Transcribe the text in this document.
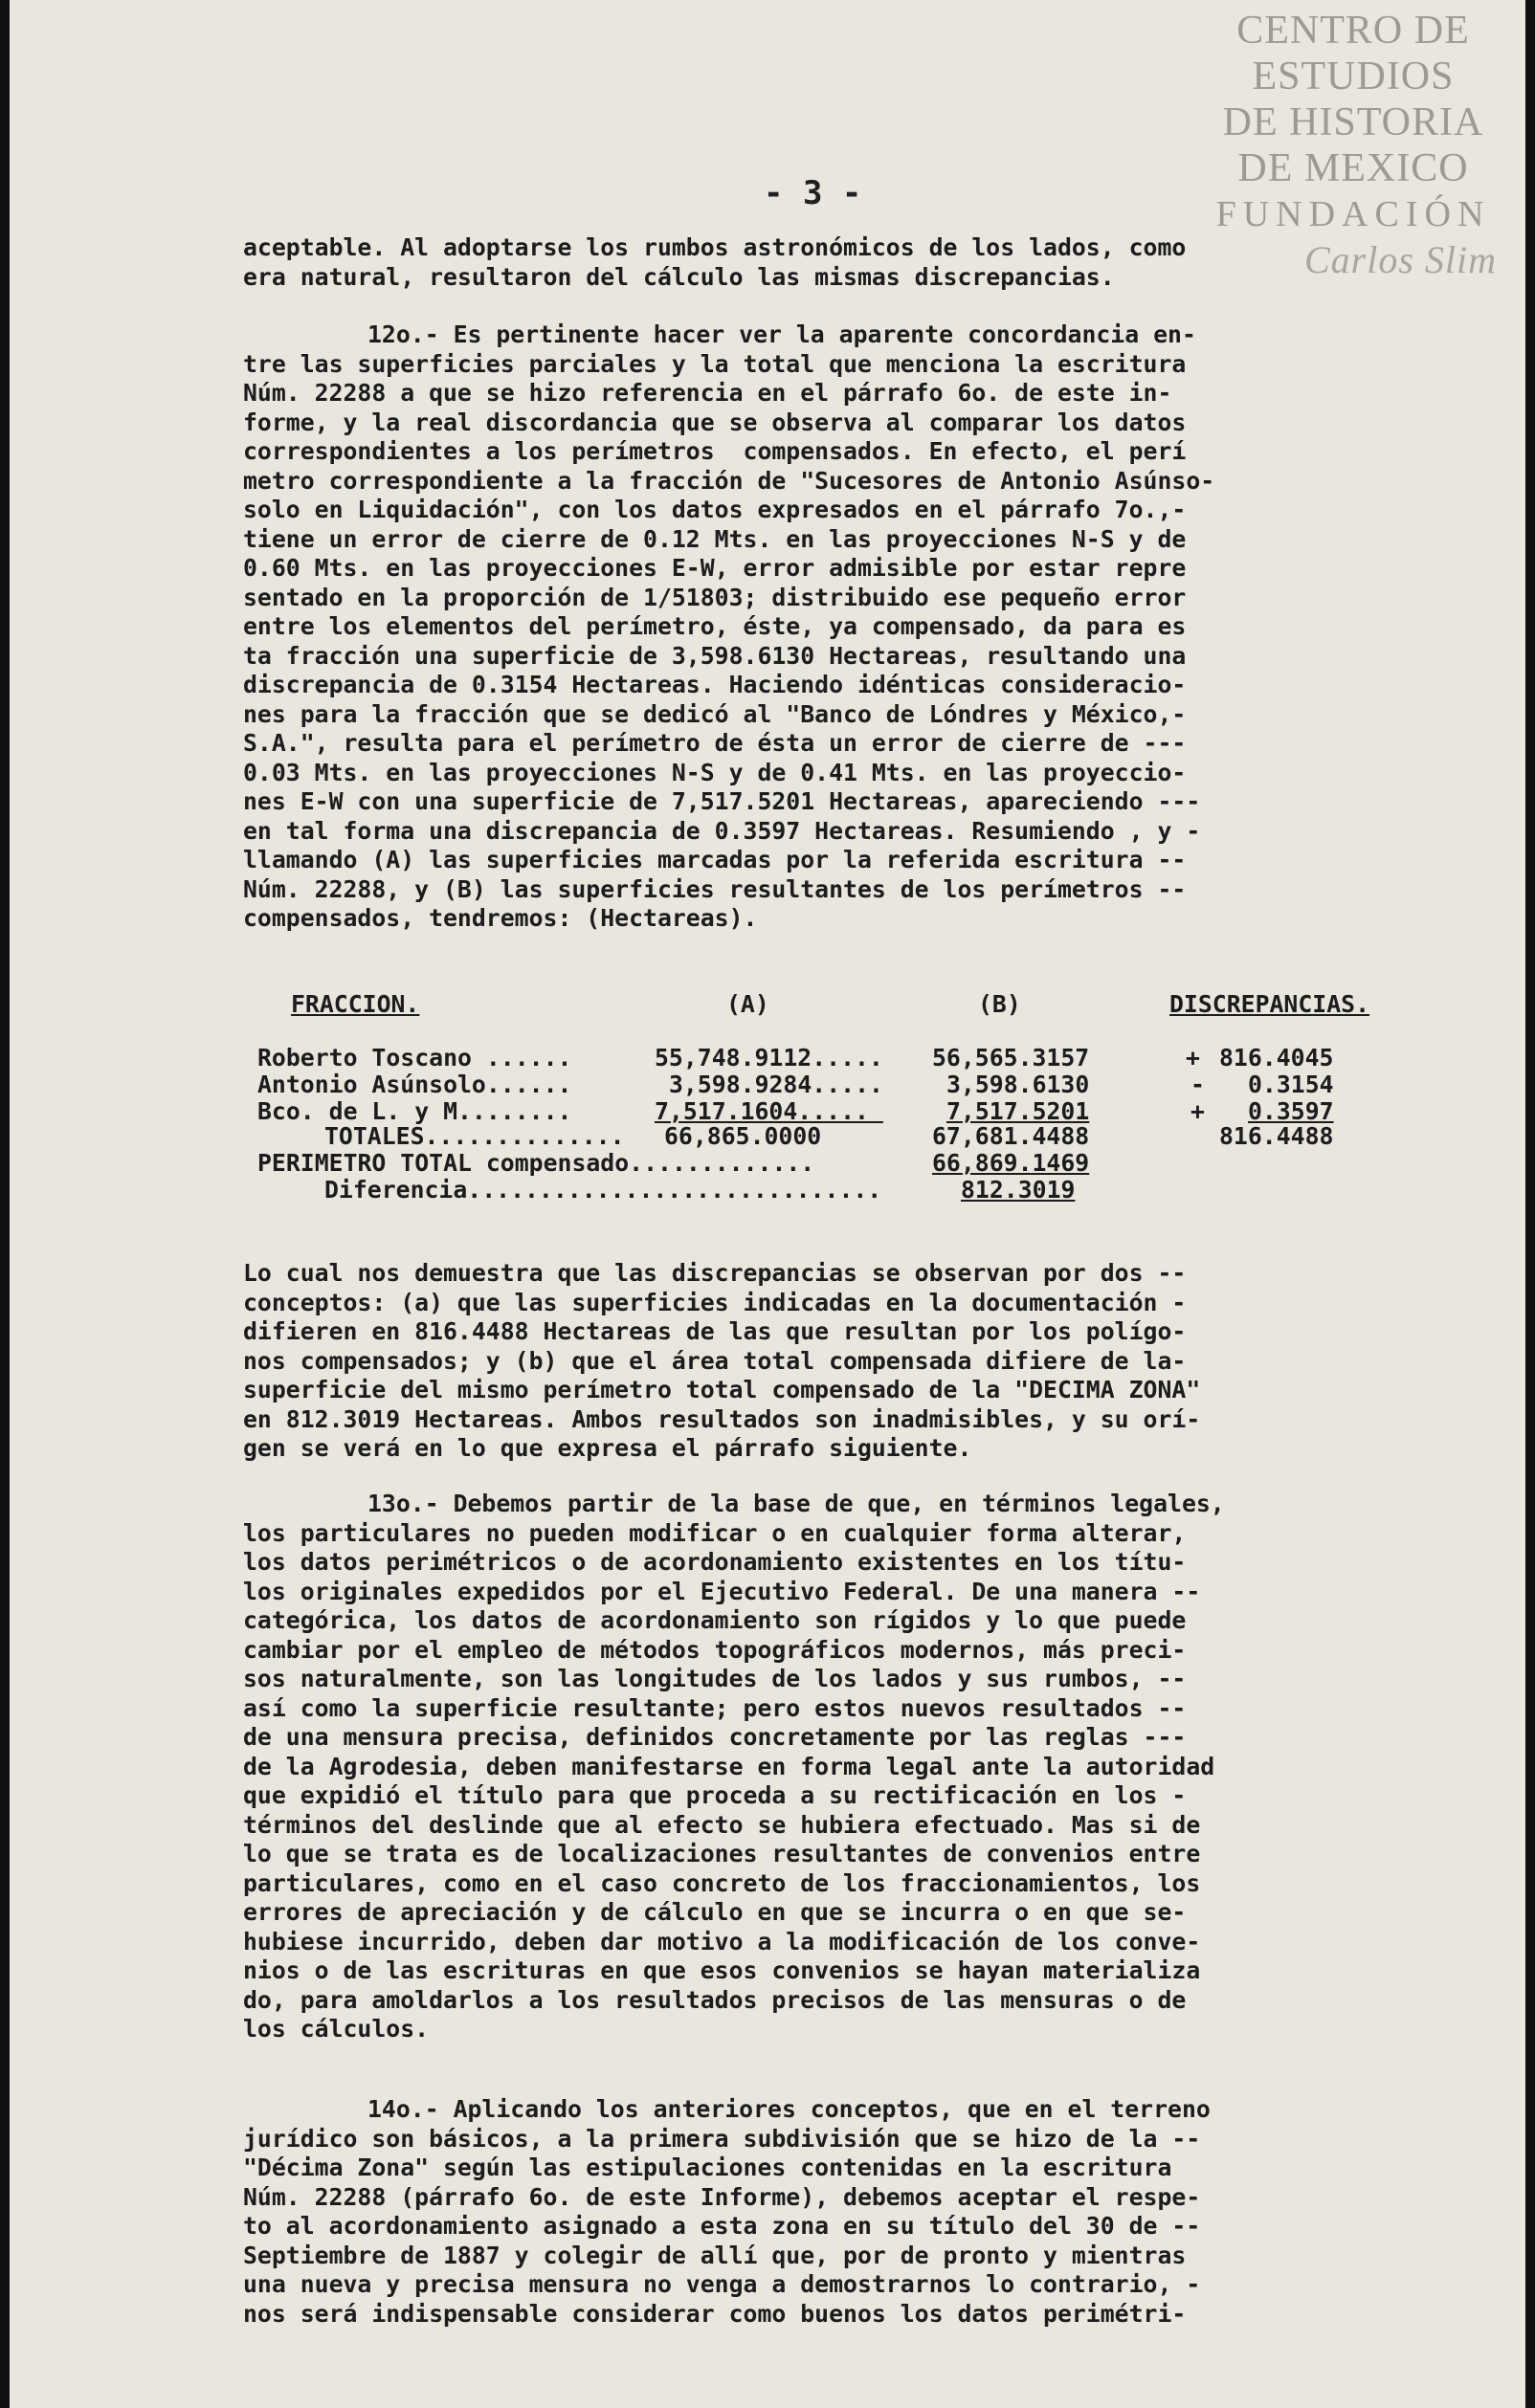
CENTRO DE
ESTUDIOS
DE HISTORIA
DE MEXICO
FUNDACIÓN
Carlos Slim
- 3 -
aceptable. Al adoptarse los rumbos astronómicos de los lados, como
era natural, resultaron del cálculo las mismas discrepancias.
12o.- Es pertinente hacer ver la aparente concordancia en-
tre las superficies parciales y la total que menciona la escritura
Núm. 22288 a que se hizo referencia en el párrafo 6o. de este in-
forme, y la real discordancia que se observa al comparar los datos
correspondientes a los perímetros  compensados. En efecto, el perí
metro correspondiente a la fracción de "Sucesores de Antonio Asúnso-
solo en Liquidación", con los datos expresados en el párrafo 7o.,-
tiene un error de cierre de 0.12 Mts. en las proyecciones N-S y de
0.60 Mts. en las proyecciones E-W, error admisible por estar repre
sentado en la proporción de 1/51803; distribuido ese pequeño error
entre los elementos del perímetro, éste, ya compensado, da para es
ta fracción una superficie de 3,598.6130 Hectareas, resultando una
discrepancia de 0.3154 Hectareas. Haciendo idénticas consideracio-
nes para la fracción que se dedicó al "Banco de Lóndres y México,-
S.A.", resulta para el perímetro de ésta un error de cierre de ---
0.03 Mts. en las proyecciones N-S y de 0.41 Mts. en las proyeccio-
nes E-W con una superficie de 7,517.5201 Hectareas, apareciendo ---
en tal forma una discrepancia de 0.3597 Hectareas. Resumiendo , y -
llamando (A) las superficies marcadas por la referida escritura --
Núm. 22288, y (B) las superficies resultantes de los perímetros --
compensados, tendremos: (Hectareas).
FRACCION.	(A)	(B)	DISCREPANCIAS.
Roberto Toscano ......	55,748.9112..... 56,565.3157	+ 816.4045
Antonio Asúnsolo......	3,598.9284..... 3,598.6130	- 0.3154
Bco. de L. y M........	7,517.1604.....	7,517.5201	+ 0.3597
TOTALES.............. 66,865.0000	67,681.4488	816.4488
PERIMETRO TOTAL compensado.............	66,869.1469
Diferencia.............................	812.3019
Lo cual nos demuestra que las discrepancias se observan por dos --
conceptos: (a) que las superficies indicadas en la documentación -
difieren en 816.4488 Hectareas de las que resultan por los polígo-
nos compensados; y (b) que el área total compensada difiere de la-
superficie del mismo perímetro total compensado de la "DECIMA ZONA"
en 812.3019 Hectareas. Ambos resultados son inadmisibles, y su orí-
gen se verá en lo que expresa el párrafo siguiente.
13o.- Debemos partir de la base de que, en términos legales,
los particulares no pueden modificar o en cualquier forma alterar,
los datos perimétricos o de acordonamiento existentes en los títu-
los originales expedidos por el Ejecutivo Federal. De una manera --
categórica, los datos de acordonamiento son rígidos y lo que puede
cambiar por el empleo de métodos topográficos modernos, más preci-
sos naturalmente, son las longitudes de los lados y sus rumbos, --
así como la superficie resultante; pero estos nuevos resultados --
de una mensura precisa, definidos concretamente por las reglas ---
de la Agrodesia, deben manifestarse en forma legal ante la autoridad
que expidió el título para que proceda a su rectificación en los -
términos del deslinde que al efecto se hubiera efectuado. Mas si de
lo que se trata es de localizaciones resultantes de convenios entre
particulares, como en el caso concreto de los fraccionamientos, los
errores de apreciación y de cálculo en que se incurra o en que se-
hubiese incurrido, deben dar motivo a la modificación de los conve-
nios o de las escrituras en que esos convenios se hayan materializa
do, para amoldarlos a los resultados precisos de las mensuras o de
los cálculos.
14o.- Aplicando los anteriores conceptos, que en el terreno
jurídico son básicos, a la primera subdivisión que se hizo de la --
"Décima Zona" según las estipulaciones contenidas en la escritura
Núm. 22288 (párrafo 6o. de este Informe), debemos aceptar el respe-
to al acordonamiento asignado a esta zona en su título del 30 de --
Septiembre de 1887 y colegir de allí que, por de pronto y mientras
una nueva y precisa mensura no venga a demostrarnos lo contrario, -
nos será indispensable considerar como buenos los datos perimétri-
